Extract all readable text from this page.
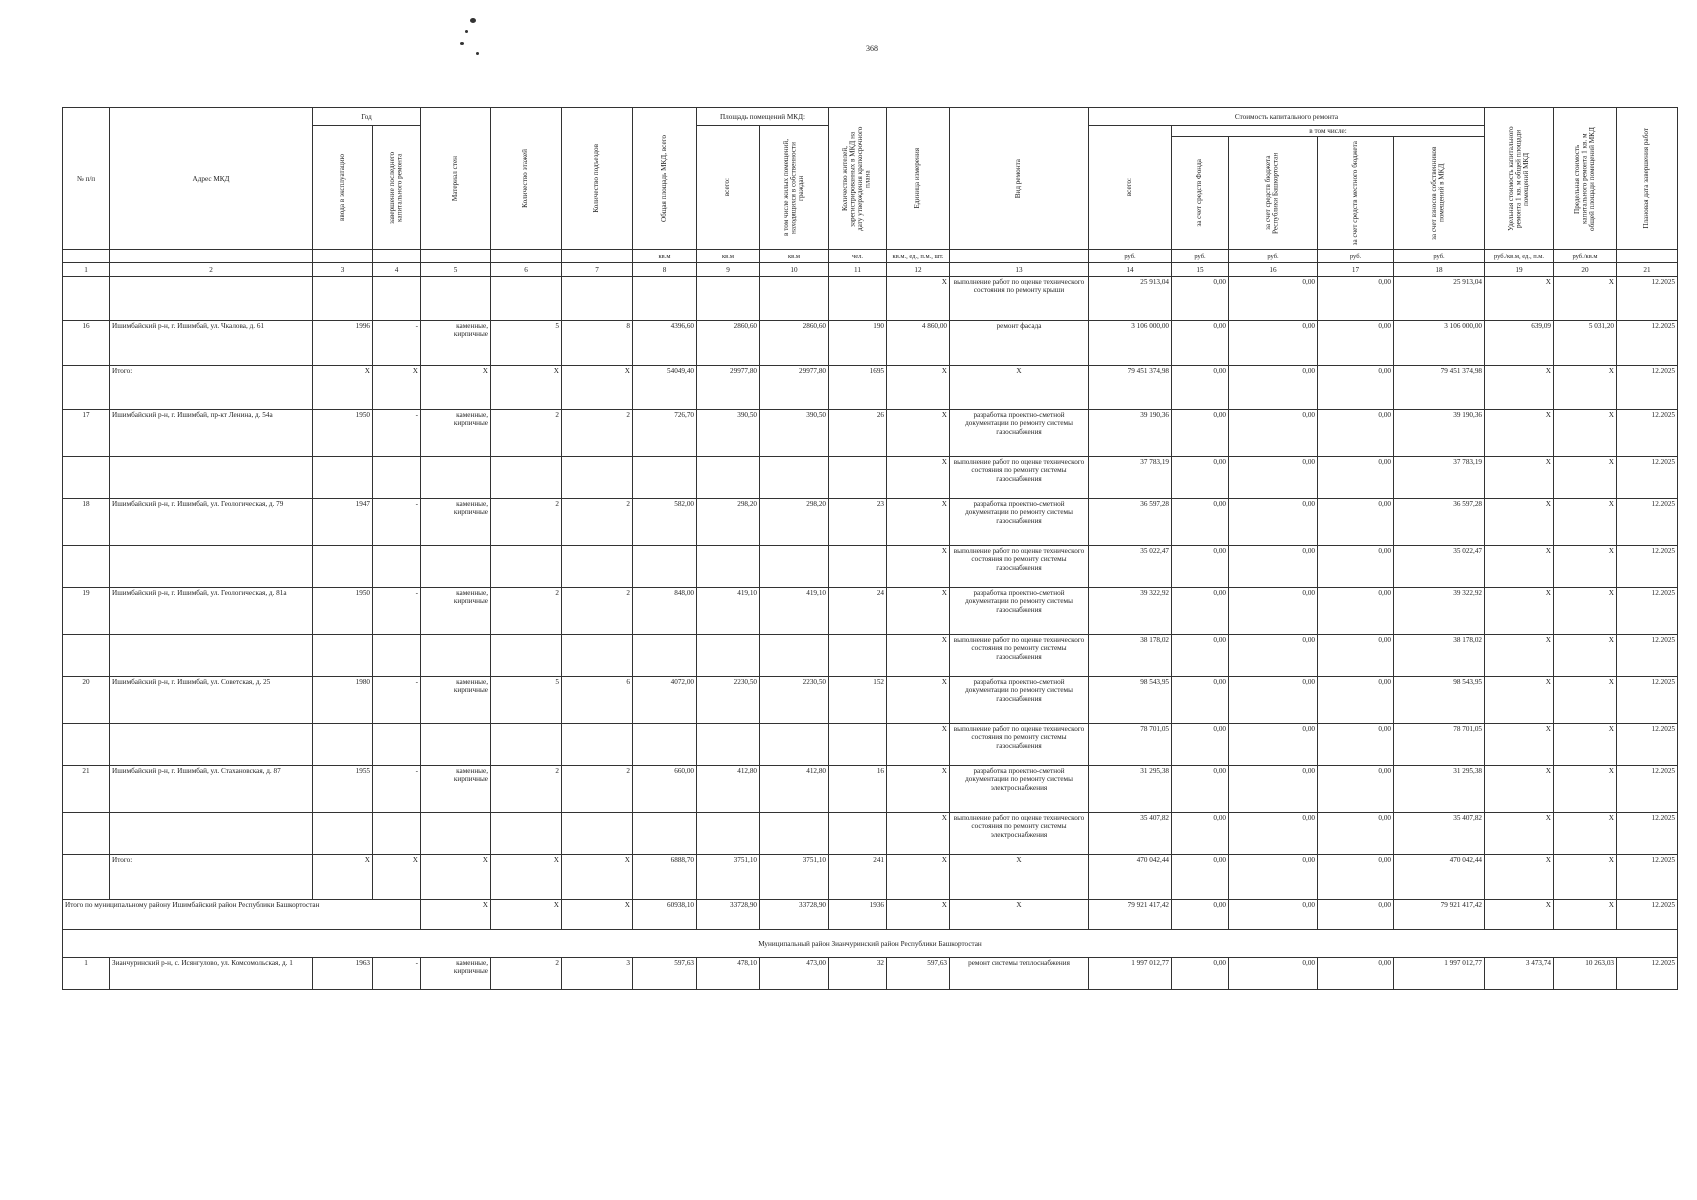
368
№ п/п	Адрес МКД	Год		Материал стен	Количество этажей	Количество подъездов	Общая площадь МКД, всего	Площадь помещений МКД:		Количество жителей, зарегистрированных в МКД на дату утверждения краткосрочного плана	Единица измерения	Вид ремонта	Стоимость капитального ремонта					Удельная стоимость капитального ремонта 1 кв. м общей площади помещений МКД	Предельная стоимость капитального ремонта 1 кв. м общей площади помещений МКД	Плановая дата завершения работ

		ввода в эксплуатацию	завершение последнего капитального ремонта					всего:	в том числе жилых помещений, находящихся в собственности граждан				всего:	в том числе:						

														за счет средств Фонда	за счет средств бюджета Республики Башкортостан	за счет средств местного бюджета	за счет взносов собственников помещений в МКД			

							кв.м	кв.м	кв.м	чел.	кв.м., ед., п.м., шт.		руб.	руб.	руб.	руб.	руб.	руб./кв.м, ед., п.м.	руб./кв.м	
1	2	3	4	5	6	7	8	9	10	11	12	13	14	15	16	17	18	19	20	21
											X	выполнение работ по оценке технического состояния по ремонту крыши	25 913,04	0,00	0,00	0,00	25 913,04	X	X	12.2025
16	Ишимбайский р-н, г. Ишимбай, ул. Чкалова, д. 61	1996	-	каменные, кирпичные	5	8	4396,60	2860,60	2860,60	190	4 860,00	ремонт фасада	3 106 000,00	0,00	0,00	0,00	3 106 000,00	639,09	5 031,20	12.2025
	Итого:	X	X	X	X	X	54049,40	29977,80	29977,80	1695	X	X	79 451 374,98	0,00	0,00	0,00	79 451 374,98	X	X	12.2025
17	Ишимбайский р-н, г. Ишимбай, пр-кт Ленина, д. 54а	1950	-	каменные, кирпичные	2	2	726,70	390,50	390,50	26	X	разработка проектно-сметной документации по ремонту системы газоснабжения	39 190,36	0,00	0,00	0,00	39 190,36	X	X	12.2025
											X	выполнение работ по оценке технического состояния по ремонту системы газоснабжения	37 783,19	0,00	0,00	0,00	37 783,19	X	X	12.2025
18	Ишимбайский р-н, г. Ишимбай, ул. Геологическая, д. 79	1947	-	каменные, кирпичные	2	2	582,00	298,20	298,20	23	X	разработка проектно-сметной документации по ремонту системы газоснабжения	36 597,28	0,00	0,00	0,00	36 597,28	X	X	12.2025
											X	выполнение работ по оценке технического состояния по ремонту системы газоснабжения	35 022,47	0,00	0,00	0,00	35 022,47	X	X	12.2025
19	Ишимбайский р-н, г. Ишимбай, ул. Геологическая, д. 81а	1950	-	каменные, кирпичные	2	2	848,00	419,10	419,10	24	X	разработка проектно-сметной документации по ремонту системы газоснабжения	39 322,92	0,00	0,00	0,00	39 322,92	X	X	12.2025
											X	выполнение работ по оценке технического состояния по ремонту системы газоснабжения	38 178,02	0,00	0,00	0,00	38 178,02	X	X	12.2025
20	Ишимбайский р-н, г. Ишимбай, ул. Советская, д. 25	1980	-	каменные, кирпичные	5	6	4072,00	2230,50	2230,50	152	X	разработка проектно-сметной документации по ремонту системы газоснабжения	98 543,95	0,00	0,00	0,00	98 543,95	X	X	12.2025
											X	выполнение работ по оценке технического состояния по ремонту системы газоснабжения	78 701,05	0,00	0,00	0,00	78 701,05	X	X	12.2025
21	Ишимбайский р-н, г. Ишимбай, ул. Стахановская, д. 87	1955	-	каменные, кирпичные	2	2	660,00	412,80	412,80	16	X	разработка проектно-сметной документации по ремонту системы электроснабжения	31 295,38	0,00	0,00	0,00	31 295,38	X	X	12.2025
											X	выполнение работ по оценке технического состояния по ремонту системы электроснабжения	35 407,82	0,00	0,00	0,00	35 407,82	X	X	12.2025
	Итого:	X	X	X	X	X	6888,70	3751,10	3751,10	241	X	X	470 042,44	0,00	0,00	0,00	470 042,44	X	X	12.2025
Итого по муниципальному району Ишимбайский район Республики Башкортостан				X	X	X	60938,10	33728,90	33728,90	1936	X	X	79 921 417,42	0,00	0,00	0,00	79 921 417,42	X	X	12.2025
Муниципальный район Зианчуринский район Республики Башкортостан																				
1	Зианчуринский р-н, с. Исянгулово, ул. Комсомольская, д. 1	1963	-	каменные, кирпичные	2	3	597,63	478,10	473,00	32	597,63	ремонт системы теплоснабжения	1 997 012,77	0,00	0,00	0,00	1 997 012,77	3 473,74	10 263,03	12.2025
